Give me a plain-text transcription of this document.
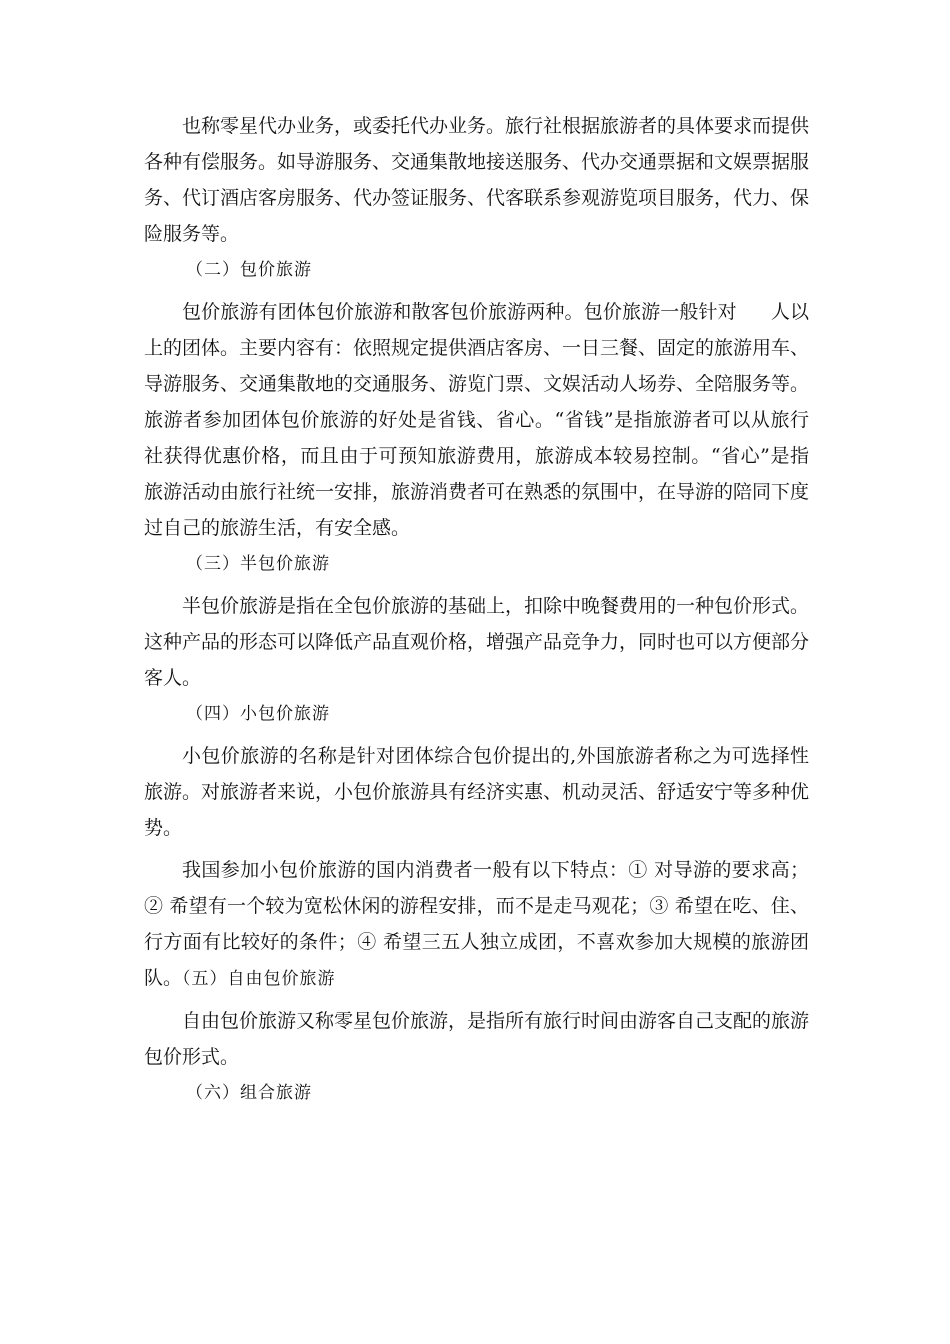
也称零星代办业务，或委托代办业务。旅行社根据旅游者的具体要求而提供各种有偿服务。如导游服务、交通集散地接送服务、代办交通票据和文娱票据服务、代订酒店客房服务、代办签证服务、代客联系参观游览项目服务，代力、保险服务等。

（二）包价旅游

包价旅游有团体包价旅游和散客包价旅游两种。包价旅游一般针对 人以上的团体。主要内容有：依照规定提供酒店客房、一日三餐、固定的旅游用车、导游服务、交通集散地的交通服务、游览门票、文娱活动人场券、全陪服务等。旅游者参加团体包价旅游的好处是省钱、省心。“省钱”是指旅游者可以从旅行社获得优惠价格，而且由于可预知旅游费用，旅游成本较易控制。“省心”是指旅游活动由旅行社统一安排，旅游消费者可在熟悉的氛围中，在导游的陪同下度过自己的旅游生活，有安全感。

（三）半包价旅游

半包价旅游是指在全包价旅游的基础上，扣除中晚餐费用的一种包价形式。这种产品的形态可以降低产品直观价格，增强产品竞争力，同时也可以方便部分客人。

（四）小包价旅游

小包价旅游的名称是针对团体综合包价提出的,外国旅游者称之为可选择性旅游。对旅游者来说，小包价旅游具有经济实惠、机动灵活、舒适安宁等多种优势。

我国参加小包价旅游的国内消费者一般有以下特点：① 对导游的要求高；② 希望有一个较为宽松休闲的游程安排，而不是走马观花；③ 希望在吃、住、行方面有比较好的条件；④ 希望三五人独立成团，不喜欢参加大规模的旅游团队。（五）自由包价旅游

自由包价旅游又称零星包价旅游，是指所有旅行时间由游客自己支配的旅游包价形式。

（六）组合旅游
